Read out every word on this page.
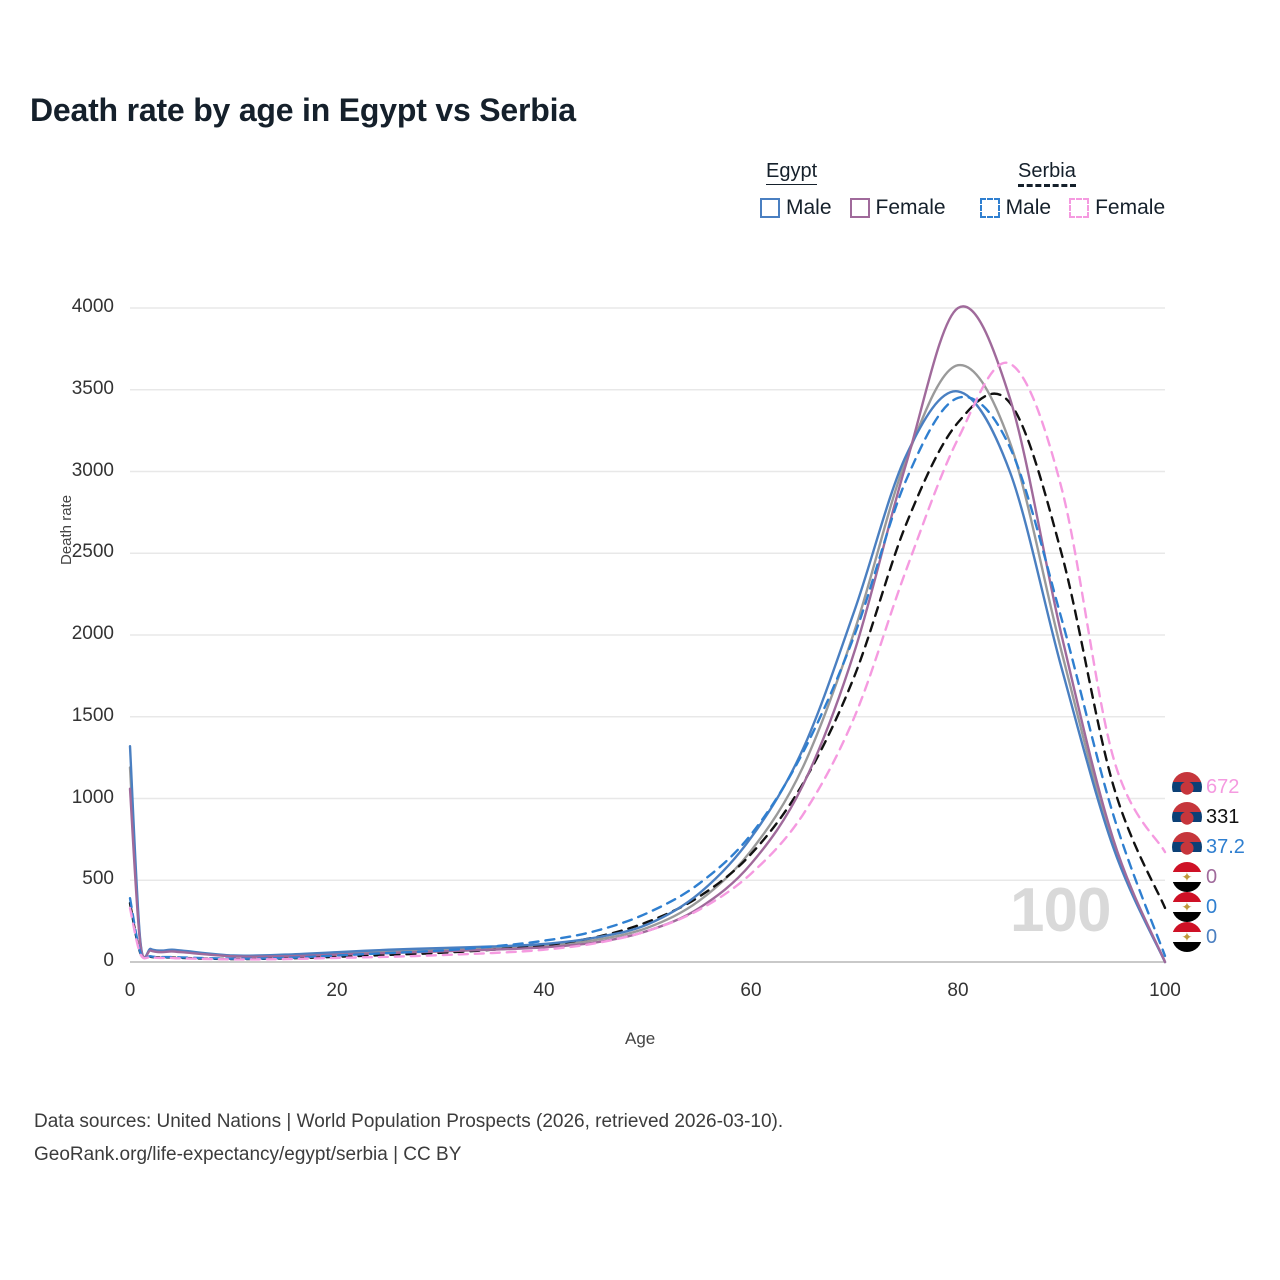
Death rate by age in Egypt vs Serbia
Egypt	Serbia
Male Female	Male Female
0
500
1000
1500
2000
2500
3000
3500
4000
0	20	40	60	80	100
Death rate
Age
100
⬤ 672
⬤ 331
⬤ 37.2
✦ 0
✦ 0
✦ 0
Data sources: United Nations | World Population Prospects (2026, retrieved 2026-03-10).
GeoRank.org/life-expectancy/egypt/serbia | CC BY
